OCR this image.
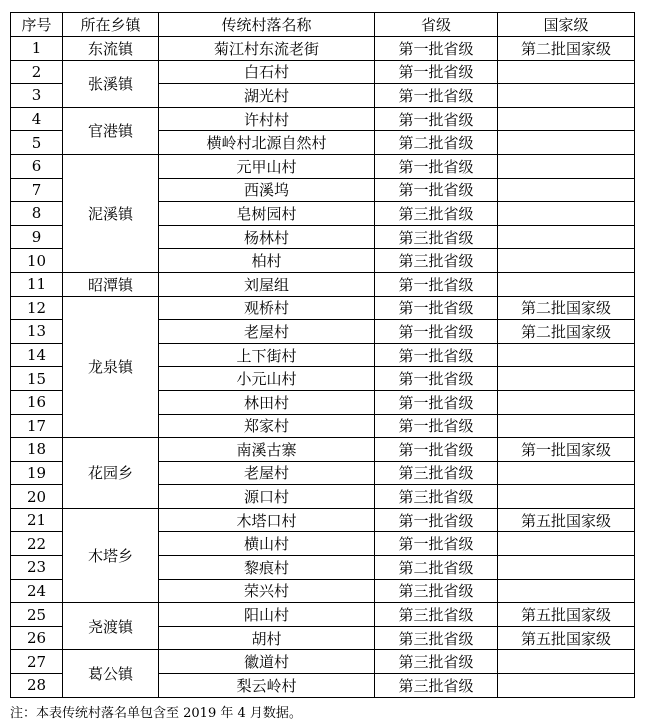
序号	所在乡镇	传统村落名称	省级	国家级
1	东流镇	菊江村东流老街	第一批省级	第二批国家级
2	张溪镇	白石村	第一批省级	
3		湖光村	第一批省级	
4	官港镇	许村村	第一批省级	
5		横岭村北源自然村	第二批省级	
6	泥溪镇	元甲山村	第一批省级	
7		西溪坞	第一批省级	
8		皂树园村	第三批省级	
9		杨林村	第三批省级	
10		柏村	第三批省级	
11	昭潭镇	刘屋组	第一批省级	
12	龙泉镇	观桥村	第一批省级	第二批国家级
13		老屋村	第一批省级	第二批国家级
14		上下街村	第一批省级	
15		小元山村	第一批省级	
16		林田村	第一批省级	
17		郑家村	第一批省级	
18	花园乡	南溪古寨	第一批省级	第一批国家级
19		老屋村	第三批省级	
20		源口村	第三批省级	
21	木塔乡	木塔口村	第一批省级	第五批国家级
22		横山村	第一批省级	
23		黎痕村	第二批省级	
24		荣兴村	第三批省级	
25	尧渡镇	阳山村	第三批省级	第五批国家级
26		胡村	第三批省级	第五批国家级
27	葛公镇	徽道村	第三批省级	
28		梨云岭村	第三批省级	
注：本表传统村落名单包含至 2019 年 4 月数据。
